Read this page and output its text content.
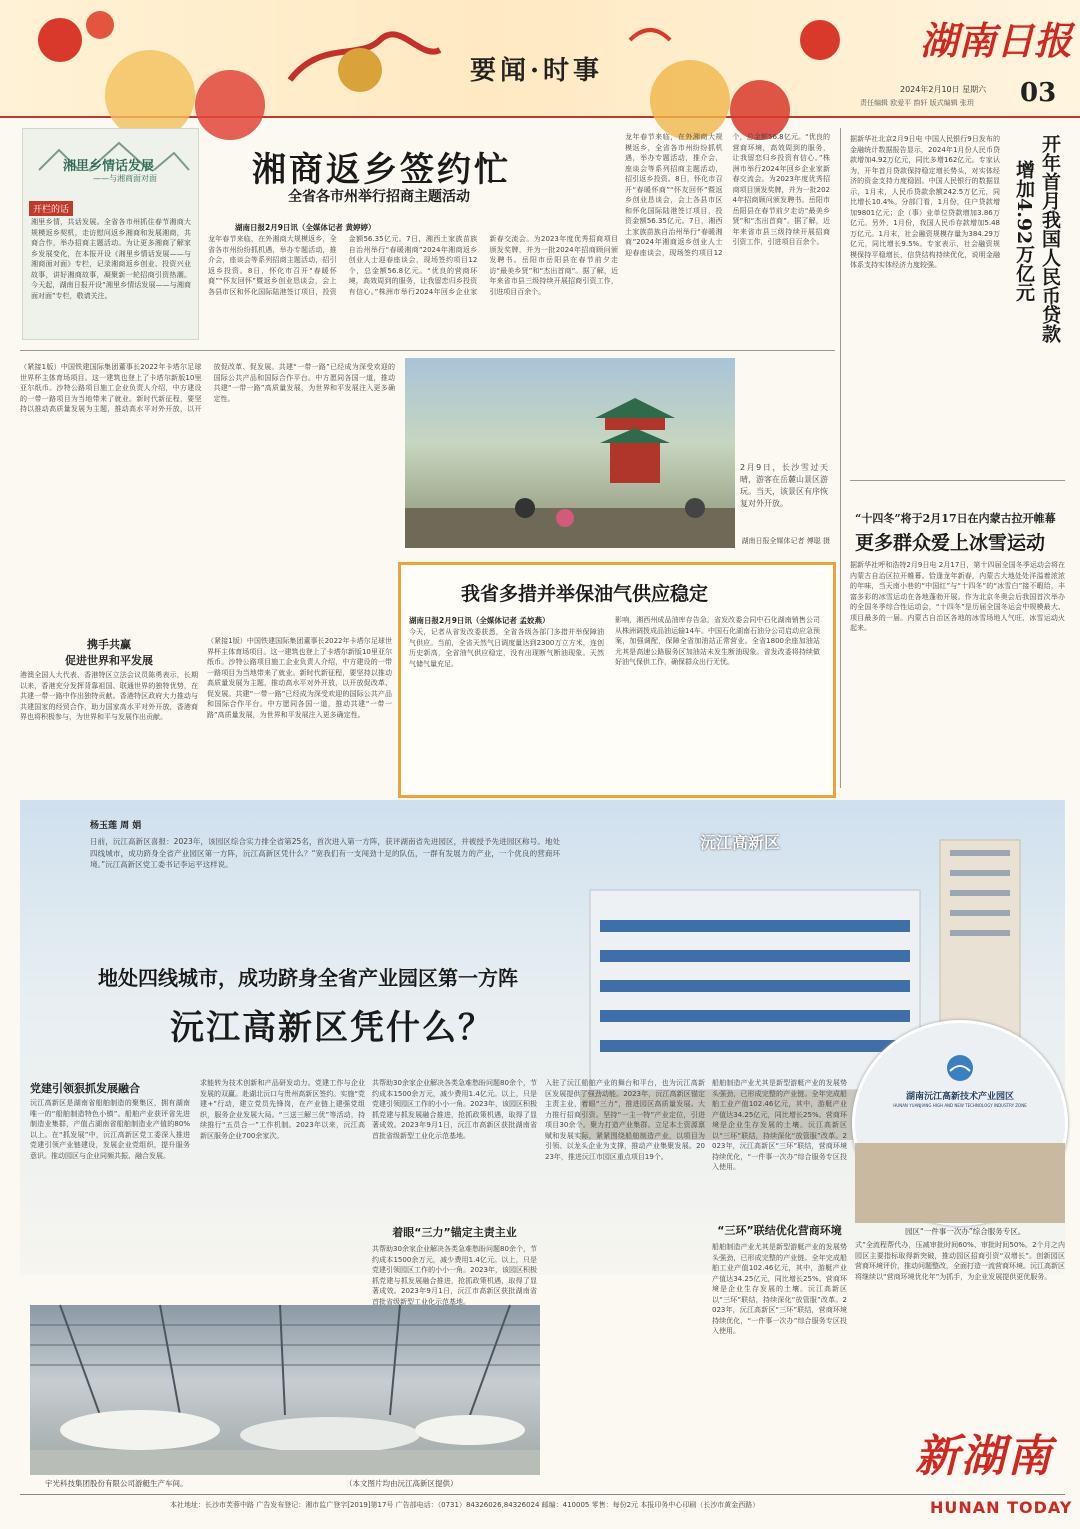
要闻·时事
湖南日报
2024年2月10日 星期六
责任编辑 欧爱平 韵轩 版式编辑 张玥 03
湘里乡情话发展
——与湘商面对面
开栏的话
湘里乡情，共话发展。全省各市州抓住春节湘商大规模返乡契机，走访慰问返乡湘商和发展湘商，共商合作，举办招商主题活动。为让更多湘商了解家乡发展变化，在本报开设《湘里乡情话发展——与湘商面对面》专栏，记录湘商返乡创业、投资兴业故事，讲好湘商故事，凝聚新一轮招商引资热潮。今天起，湖南日报开设“湘里乡情话发展——与湘商面对面”专栏，敬请关注。
湘商返乡签约忙
全省各市州举行招商主题活动
湖南日报2月9日讯（全媒体记者 黄婷婷）
龙年春节来临，在外湘商大规模返乡，全省各市州纷纷抓机遇，举办专题活动，推介会，座谈会等系列招商主题活动，招引返乡投资。8日，怀化市召开“春暖怀商”“怀友回怀”暨返乡创业恳谈会，会上各县市区和怀化国际陆港签订项目，投资金额56.35亿元。7日，湘西土家族苗族自治州举行“春暖湘商”2024年湘商返乡创业人士迎春座谈会，现场签约项目12个，总金额56.8亿元。“优良的营商环境，高效周到的服务，让我留恋归乡投资有信心。”株洲市举行2024年回乡企业家新春交流会。为2023年度优秀招商项目颁发奖牌，并为一批2024年招商顾问颁发聘书。岳阳市岳阳县在春节前夕走访“最美乡贤”和“杰出首商”。据了解，近年来省市县三级持续开展招商引资工作，引进项目百余个。
龙年春节来临，在外湘商大规模返乡，全省各市州纷纷抓机遇，举办专题活动，推介会，座谈会等系列招商主题活动，招引返乡投资。8日，怀化市召开“春暖怀商”“怀友回怀”暨返乡创业恳谈会，会上各县市区和怀化国际陆港签订项目，投资金额56.35亿元。7日，湘西土家族苗族自治州举行“春暖湘商”2024年湘商返乡创业人士迎春座谈会，现场签约项目12个，总金额56.8亿元。“优良的营商环境，高效周到的服务，让我留恋归乡投资有信心。”株洲市举行2024年回乡企业家新春交流会。为2023年度优秀招商项目颁发奖牌，并为一批2024年招商顾问颁发聘书。岳阳市岳阳县在春节前夕走访“最美乡贤”和“杰出首商”。据了解，近年来省市县三级持续开展招商引资工作，引进项目百余个。
（紧接1版）中国铁建国际集团董事长2022年卡塔尔足球世界杯主体育场项目。这一建筑也登上了卡塔尔新版10里亚尔纸币。沙特公路项目施工企业负责人介绍，中方建设的一带一路项目为当地带来了就业。新时代新征程，要坚持以推动高质量发展为主题，推动高水平对外开放，以开放促改革、促发展。共建“一带一路”已经成为深受欢迎的国际公共产品和国际合作平台。中方愿同各国一道，推动共建“一带一路”高质量发展，为世界和平发展注入更多确定性。
携手共赢
促进世界和平发展
港澳全国人大代表、香港特区立法会议员陈勇表示，长期以来，香港充分发挥背靠祖国、联通世界的独特优势，在共建一带一路中作出独特贡献。香港特区政府大力推动与共建国家的经贸合作，助力国家高水平对外开放，香港商界也将积极参与，为世界和平与发展作出贡献。
（紧接1版）中国铁建国际集团董事长2022年卡塔尔足球世界杯主体育场项目。这一建筑也登上了卡塔尔新版10里亚尔纸币。沙特公路项目施工企业负责人介绍，中方建设的一带一路项目为当地带来了就业。新时代新征程，要坚持以推动高质量发展为主题，推动高水平对外开放，以开放促改革、促发展。共建“一带一路”已经成为深受欢迎的国际公共产品和国际合作平台。中方愿同各国一道，推动共建“一带一路”高质量发展，为世界和平发展注入更多确定性。
2月9日，长沙雪过天晴，游客在岳麓山景区游玩。当天，该景区有序恢复对外开放。
湖南日报全媒体记者 傅聪 摄
我省多措并举保油气供应稳定
湖南日报2月9日讯（全媒体记者 孟姣燕）
今天，记者从省发改委获悉，全省各级各部门多措并举保障油气供应。当前，全省天然气日调度量达到2300万立方米，连创历史新高，全省油气供应稳定，没有出现断气断油现象。天然气储气量充足。
影响，湘西州成品油库存告急，省发改委会同中石化湖南销售公司从株洲调拨成品油运输14车。中国石化湖南石油分公司启动应急预案，加强调配，保障全省加油站正常营业。全省1800余座加油站尤其是高速公路服务区加油站未发生断油现象。省发改委将持续做好油气保供工作，确保群众出行无忧。
据新华社北京2月9日电 中国人民银行9日发布的金融统计数据报告显示，2024年1月份人民币贷款增加4.92万亿元，同比多增162亿元。专家认为，开年首月贷款保持稳定增长势头，对实体经济的资金支持力度稳固。中国人民银行的数据显示，1月末，人民币贷款余额242.5万亿元，同比增长10.4%。分部门看，1月份，住户贷款增加9801亿元；企（事）业单位贷款增加3.86万亿元。另外，1月份，我国人民币存款增加5.48万亿元。1月末，社会融资规模存量为384.29万亿元，同比增长9.5%。专家表示，社会融资规模保持平稳增长，信贷结构持续优化，说明金融体系支持实体经济力度较强。	开年首月我国人民币贷款
增加4.92万亿元
“十四冬”将于2月17日在内蒙古拉开帷幕
更多群众爱上冰雪运动
据新华社呼和浩特2月9日电 2月17日，第十四届全国冬季运动会将在内蒙古自治区拉开帷幕。恰逢龙年新春，内蒙古大地处处洋溢着浓浓的年味，当天南小巷的“中国红”与“十四冬”的“冰雪白”接不暇给，丰富多彩的冰雪运动在各地蓬勃开展。作为北京冬奥会后我国首次举办的全国冬季综合性运动会，“十四冬”是历届全国冬运会中规模最大、项目最多的一届。内蒙古自治区各地的冰雪场地人气旺，冰雪运动火起来。
沅江高新区
杨玉莲 周 娟
日前，沅江高新区喜报：2023年，该园区综合实力排全省第25名，首次进入第一方阵，获评湖南省先进园区，并被授予先进园区称号。地处四线城市，成功跻身全省产业园区第一方阵，沅江高新区凭什么？“宽我们有一支闯劲十足的队伍，一群有发展力的产业，一个优良的营商环境。”沅江高新区党工委书记李运平这样说。
地处四线城市，成功跻身全省产业园区第一方阵
沅江高新区凭什么？
湖南沅江高新技术产业园区
HUNAN YUANJIANG HIGH AND NEW TECHNOLOGY INDUSTRY ZONE
园区“一件事一次办”综合服务专区。
党建引领狠抓发展融合
沅江高新区是湖南省船舶制造的聚集区，拥有湖南唯一的“船舶制造特色小镇”。船舶产业获评省先进制造业集群，产值占湖南省船舶制造业产值的80%以上。在“抓发展”中，沅江高新区党工委深入推进党建引领产业链建设，发展企业党组织，提升服务意识。推动园区与企业同频共振、融合发展。
求能转为技术创新和产品研发动力。党建工作与企业发展的双赢。赴湖北沅口与贵州高新区签约。实施“党建+”行动，建立党员先锋岗，在产业链上建强党组织，服务企业发展大局。“三送三解三优”等活动，持续推行“五员合一”工作机制。2023年以来，沅江高新区服务企业700余家次。
共帮助30余家企业解决各类急难愁盼问题80余个，节约成本1500余万元，减少费用1.4亿元。以上，只是党建引领园区工作的小小一角。2023年，该园区积极抓党建与抓发展融合推进，抢抓政策机遇，取得了显著成效。2023年9月1日，沅江市高新区获批湖南省首批省级新型工业化示范基地。
着眼“三力”锚定主责主业
共帮助30余家企业解决各类急难愁盼问题80余个，节约成本1500余万元，减少费用1.4亿元。以上，只是党建引领园区工作的小小一角。2023年，该园区积极抓党建与抓发展融合推进，抢抓政策机遇，取得了显著成效。2023年9月1日，沅江市高新区获批湖南省首批省级新型工业化示范基地。
入驻了沅江船舶产业的舞台和平台，也为沅江高新区发展提供了强劲动能。2023年，沅江高新区锚定主责主业，着眼“三力”，推进园区高质量发展。大力推行招商引资。坚持“一主一特”产业定位，引进项目30余个。聚力打造产业集群。立足本土资源禀赋和发展实际，紧紧围绕船舶制造产业，以项目为引领、以龙头企业为支撑，推动产业集聚发展。2023年，推进沅江市园区重点项目19个。
船舶制造产业尤其是新型游艇产业的发展势头强劲，已形成完整的产业链。全年完成船舶工业产值102.46亿元，其中，游艇产业产值达34.25亿元，同比增长25%。营商环境是企业生存发展的土壤。沅江高新区以“三环”联结，持续深化“放管服”改革。2023年，沅江高新区“三环”联结，营商环境持续优化，“一件事一次办”综合服务专区投入使用。
“三环”联结优化营商环境
船舶制造产业尤其是新型游艇产业的发展势头强劲，已形成完整的产业链。全年完成船舶工业产值102.46亿元，其中，游艇产业产值达34.25亿元，同比增长25%。营商环境是企业生存发展的土壤。沅江高新区以“三环”联结，持续深化“放管服”改革。2023年，沅江高新区“三环”联结，营商环境持续优化，“一件事一次办”综合服务专区投入使用。
式”全流程帮代办，压减审批时间60%、审批时间50%。2个月之内园区主要指标取得新突破，推动园区招商引资“双增长”。创新园区营商环境评价，推动问题整改，全面打造一流营商环境。沅江高新区将继续以“营商环境优化年”为抓手，为企业发展提供更优服务。
宇光科技集团股份有限公司游艇生产车间。	（本文图片均由沅江高新区提供）
本社地址：长沙市芙蓉中路 广告发布登记：湘市监广登字[2019]第17号 广告部电话：（0731）84326026,84326024 邮编：410005 零售：每份2元 本报印务中心印刷（长沙市黄金西路）
新湖南
HUNAN TODAY
